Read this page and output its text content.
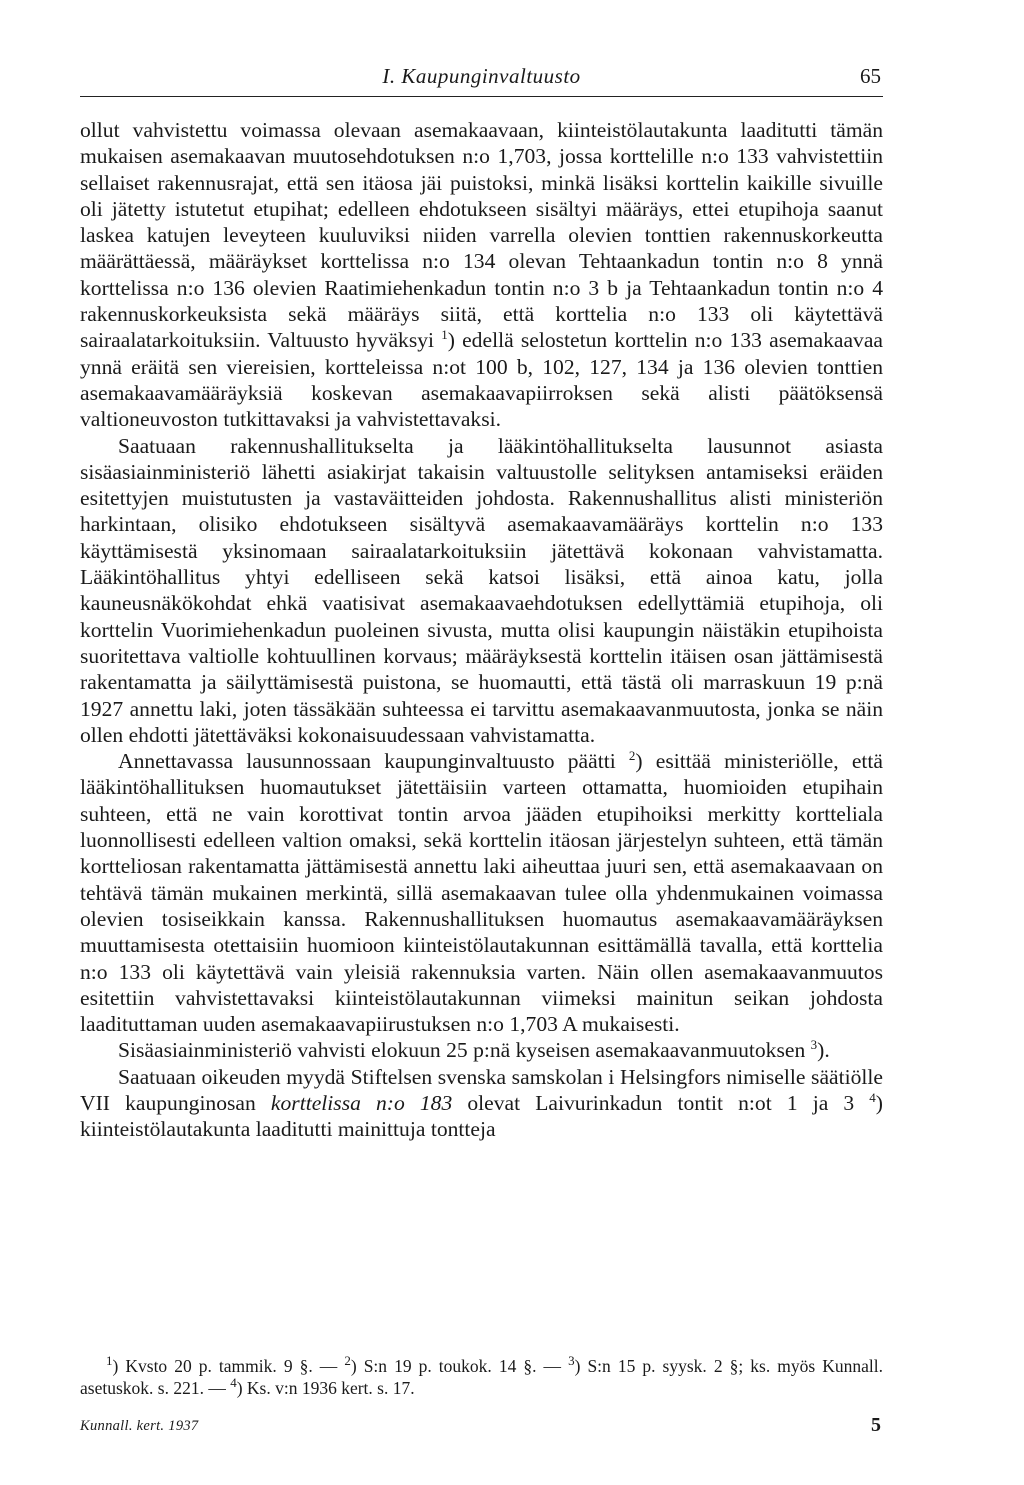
I. Kaupunginvaltuusto	65

ollut vahvistettu voimassa olevaan asemakaavaan, kiinteistölautakunta laaditutti tämän mukaisen asemakaavan muutosehdotuksen n:o 1,703, jossa korttelille n:o 133 vahvistettiin sellaiset rakennusrajat, että sen itäosa jäi puistoksi, minkä lisäksi korttelin kaikille sivuille oli jätetty istutetut etupihat; edelleen ehdotukseen sisältyi määräys, ettei etupihoja saanut laskea katujen leveyteen kuuluviksi niiden varrella olevien tonttien rakennuskorkeutta määrättäessä, määräykset korttelissa n:o 134 olevan Tehtaankadun tontin n:o 8 ynnä korttelissa n:o 136 olevien Raatimiehenkadun tontin n:o 3 b ja Tehtaankadun tontin n:o 4 rakennuskorkeuksista sekä määräys siitä, että korttelia n:o 133 oli käytettävä sairaalatarkoituksiin. Valtuusto hyväksyi $^1$) edellä selostetun korttelin n:o 133 asemakaavaa ynnä eräitä sen viereisien, kortteleissa n:ot 100 b, 102, 127, 134 ja 136 olevien tonttien asemakaavamääräyksiä koskevan asemakaavapiirroksen sekä alisti päätöksensä valtioneuvoston tutkittavaksi ja vahvistettavaksi.

Saatuaan rakennushallitukselta ja lääkintöhallitukselta lausunnot asiasta sisäasiainministeriö lähetti asiakirjat takaisin valtuustolle selityksen antamiseksi eräiden esitettyjen muistutusten ja vastaväitteiden johdosta. Rakennushallitus alisti ministeriön harkintaan, olisiko ehdotukseen sisältyvä asemakaavamääräys korttelin n:o 133 käyttämisestä yksinomaan sairaalatarkoituksiin jätettävä kokonaan vahvistamatta. Lääkintöhallitus yhtyi edelliseen sekä katsoi lisäksi, että ainoa katu, jolla kauneusnäkökohdat ehkä vaatisivat asemakaavaehdotuksen edellyttämiä etupihoja, oli korttelin Vuorimiehenkadun puoleinen sivusta, mutta olisi kaupungin näistäkin etupihoista suoritettava valtiolle kohtuullinen korvaus; määräyksestä korttelin itäisen osan jättämisestä rakentamatta ja säilyttämisestä puistona, se huomautti, että tästä oli marraskuun 19 p:nä 1927 annettu laki, joten tässäkään suhteessa ei tarvittu asemakaavanmuutosta, jonka se näin ollen ehdotti jätettäväksi kokonaisuudessaan vahvistamatta.

Annettavassa lausunnossaan kaupunginvaltuusto päätti $^2$) esittää ministeriölle, että lääkintöhallituksen huomautukset jätettäisiin varteen ottamatta, huomioiden etupihain suhteen, että ne vain korottivat tontin arvoa jääden etupihoiksi merkitty kortteliala luonnollisesti edelleen valtion omaksi, sekä korttelin itäosan järjestelyn suhteen, että tämän kortteliosan rakentamatta jättämisestä annettu laki aiheuttaa juuri sen, että asemakaavaan on tehtävä tämän mukainen merkintä, sillä asemakaavan tulee olla yhdenmukainen voimassa olevien tosiseikkain kanssa. Rakennushallituksen huomautus asemakaavamääräyksen muuttamisesta otettaisiin huomioon kiinteistölautakunnan esittämällä tavalla, että korttelia n:o 133 oli käytettävä vain yleisiä rakennuksia varten. Näin ollen asemakaavanmuutos esitettiin vahvistettavaksi kiinteistölautakunnan viimeksi mainitun seikan johdosta laadituttaman uuden asemakaavapiirustuksen n:o 1,703 A mukaisesti.

Sisäasiainministeriö vahvisti elokuun 25 p:nä kyseisen asemakaavanmuutoksen $^3$).

Saatuaan oikeuden myydä Stiftelsen svenska samskolan i Helsingfors nimiselle säätiölle VII kaupunginosan korttelissa n:o 183 olevat Laivurinkadun tontit n:ot 1 ja 3 $^4$) kiinteistölautakunta laaditutti mainittuja tontteja

$^1$) Kvsto 20 p. tammik. 9 §. — $^2$) S:n 19 p. toukok. 14 §. — $^3$) S:n 15 p. syysk. 2 §; ks. myös Kunnall. asetuskok. s. 221. — $^4$) Ks. v:n 1936 kert. s. 17.

Kunnall. kert. 1937	5
